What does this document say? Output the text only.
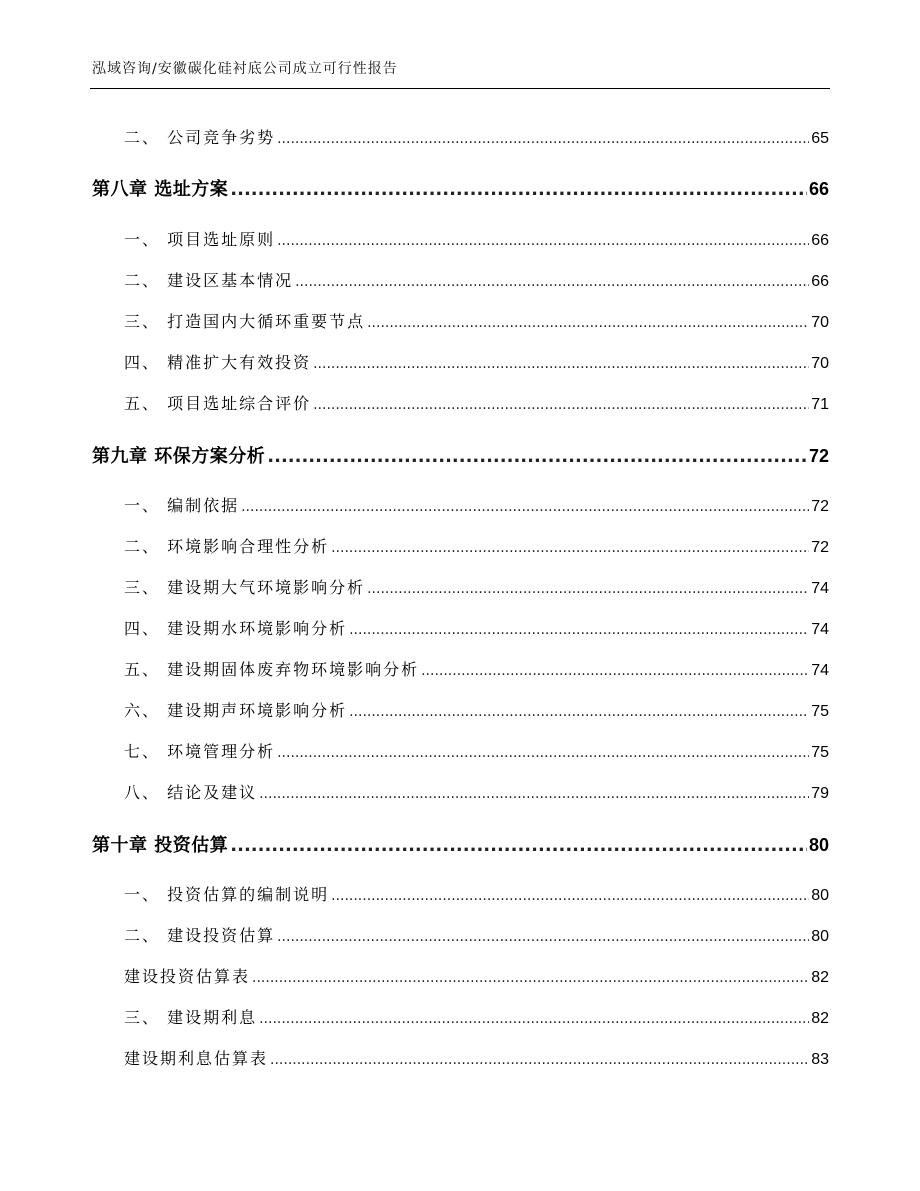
泓域咨询/安徽碳化硅衬底公司成立可行性报告
二、 公司竞争劣势 .....	65
第八章 选址方案 .....	66
一、 项目选址原则 .....	66
二、 建设区基本情况 .....	66
三、 打造国内大循环重要节点 .....	70
四、 精准扩大有效投资 .....	70
五、 项目选址综合评价 .....	71
第九章 环保方案分析 .....	72
一、 编制依据 .....	72
二、 环境影响合理性分析 .....	72
三、 建设期大气环境影响分析 .....	74
四、 建设期水环境影响分析 .....	74
五、 建设期固体废弃物环境影响分析 .....	74
六、 建设期声环境影响分析 .....	75
七、 环境管理分析 .....	75
八、 结论及建议 .....	79
第十章 投资估算 .....	80
一、 投资估算的编制说明 .....	80
二、 建设投资估算 .....	80
建设投资估算表 .....	82
三、 建设期利息 .....	82
建设期利息估算表 .....	83
